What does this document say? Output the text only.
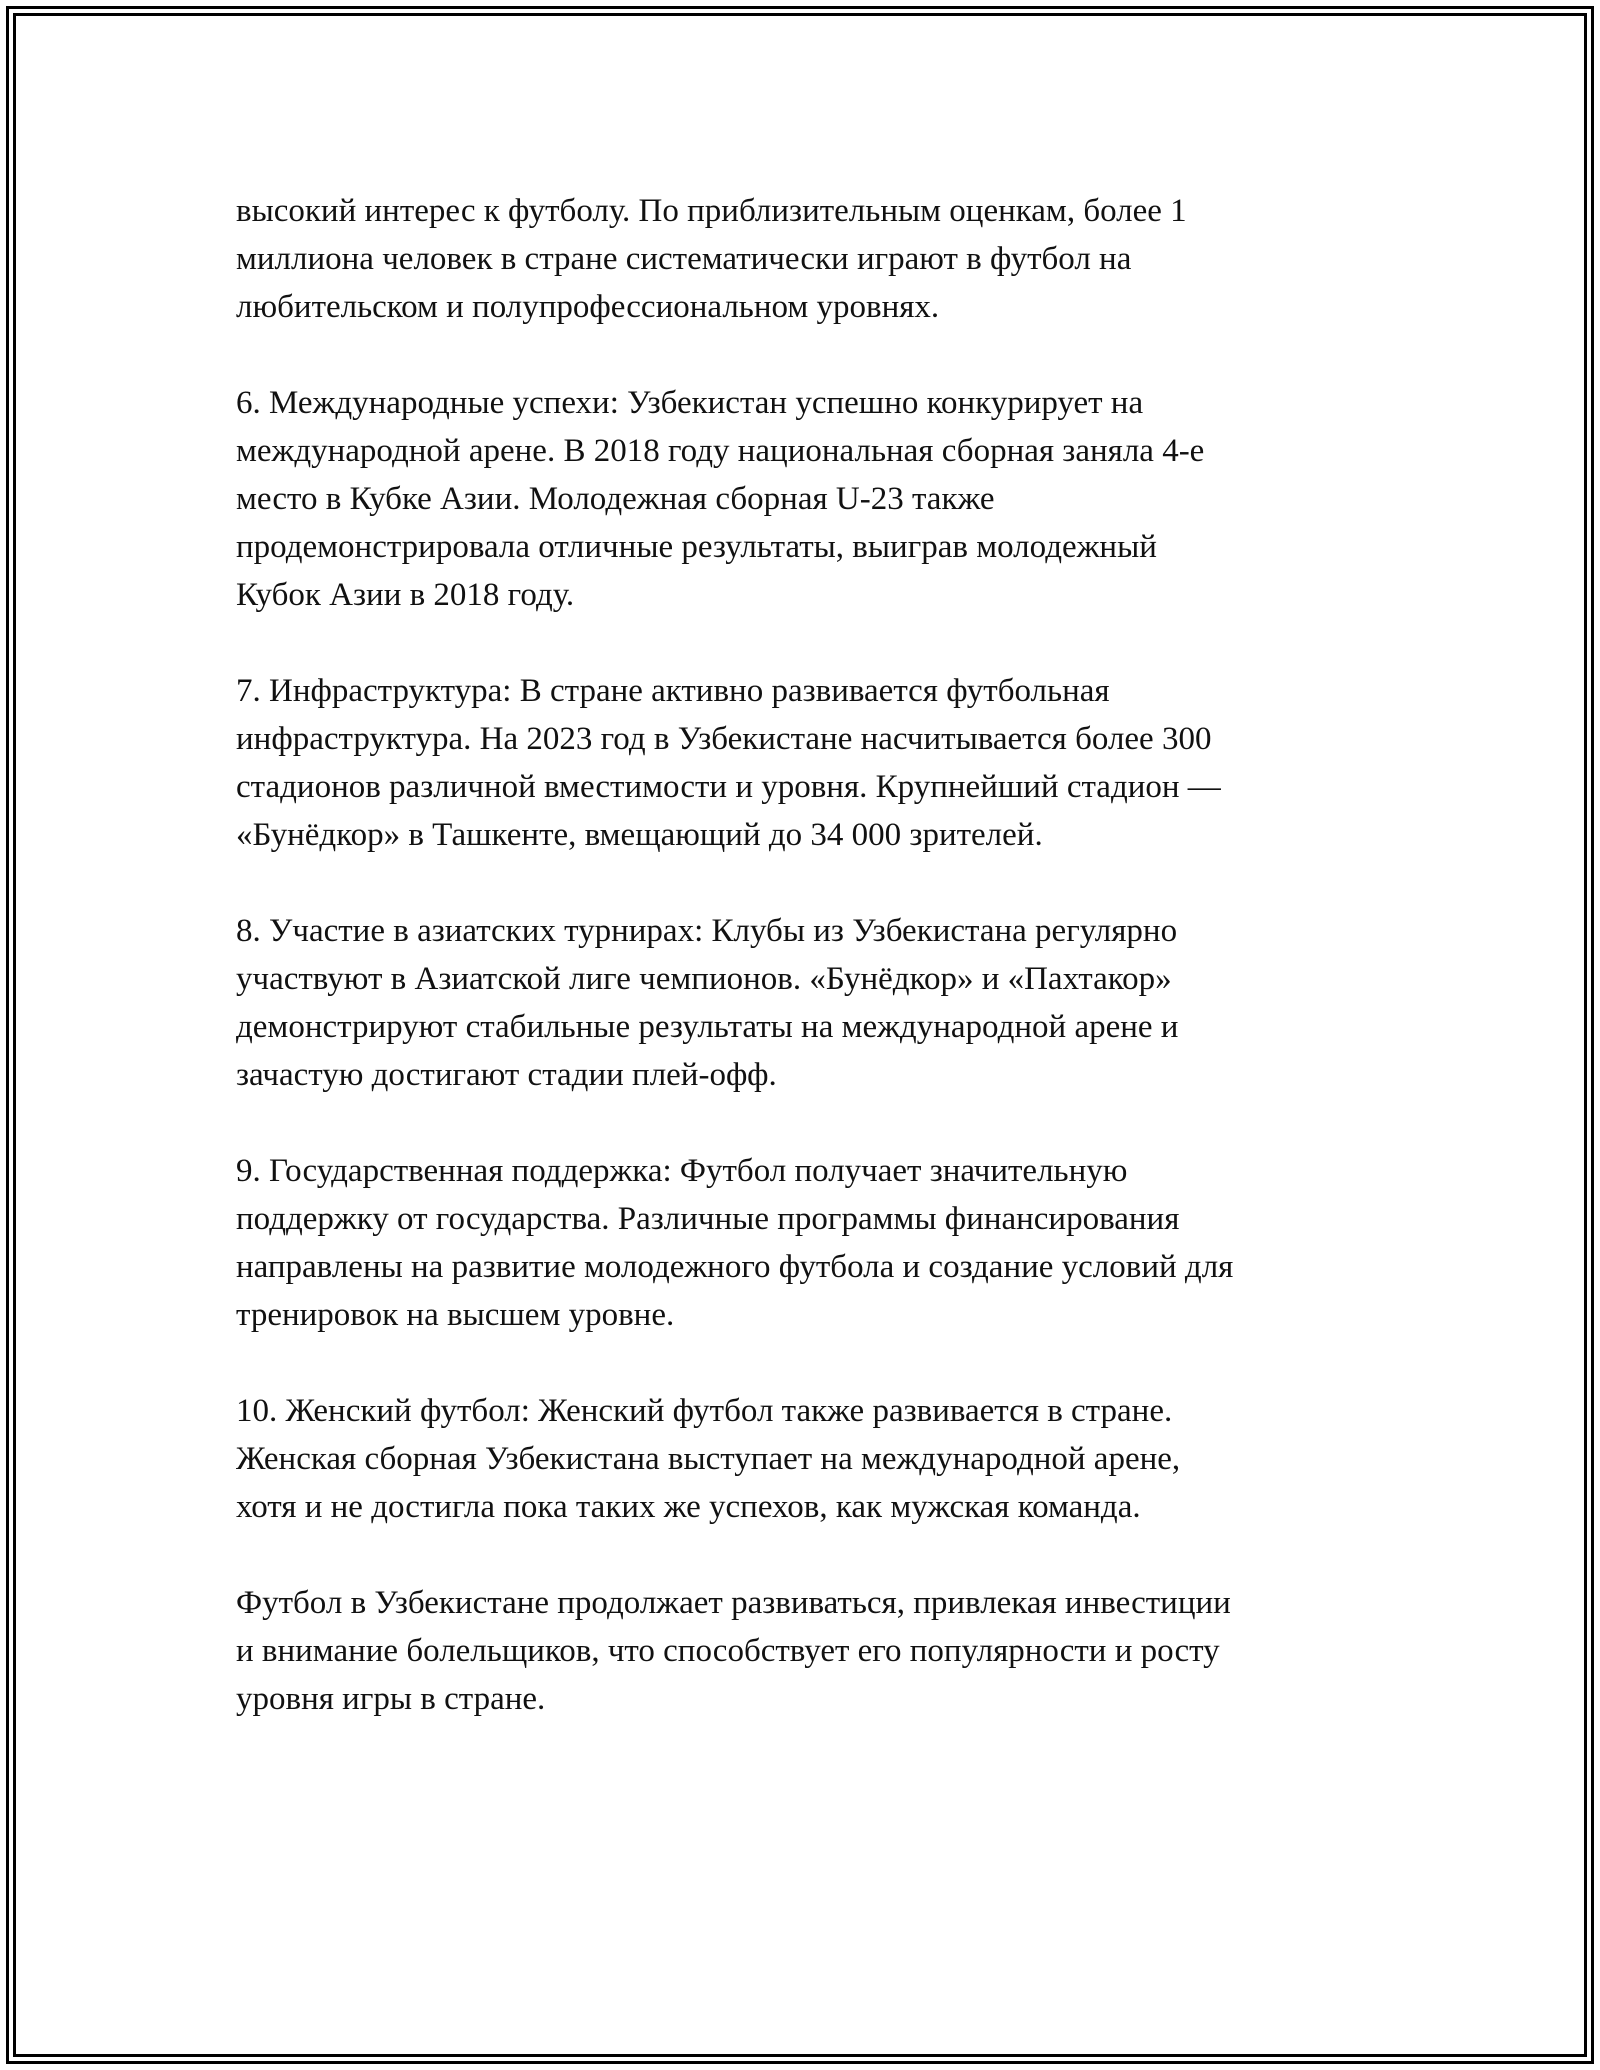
высокий интерес к футболу. По приблизительным оценкам, более 1
миллиона человек в стране систематически играют в футбол на
любительском и полупрофессиональном уровнях.
6. Международные успехи: Узбекистан успешно конкурирует на
международной арене. В 2018 году национальная сборная заняла 4-е
место в Кубке Азии. Молодежная сборная U-23 также
продемонстрировала отличные результаты, выиграв молодежный
Кубок Азии в 2018 году.
7. Инфраструктура: В стране активно развивается футбольная
инфраструктура. На 2023 год в Узбекистане насчитывается более 300
стадионов различной вместимости и уровня. Крупнейший стадион —
«Бунёдкор» в Ташкенте, вмещающий до 34 000 зрителей.
8. Участие в азиатских турнирах: Клубы из Узбекистана регулярно
участвуют в Азиатской лиге чемпионов. «Бунёдкор» и «Пахтакор»
демонстрируют стабильные результаты на международной арене и
зачастую достигают стадии плей-офф.
9. Государственная поддержка: Футбол получает значительную
поддержку от государства. Различные программы финансирования
направлены на развитие молодежного футбола и создание условий для
тренировок на высшем уровне.
10. Женский футбол: Женский футбол также развивается в стране.
Женская сборная Узбекистана выступает на международной арене,
хотя и не достигла пока таких же успехов, как мужская команда.
Футбол в Узбекистане продолжает развиваться, привлекая инвестиции
и внимание болельщиков, что способствует его популярности и росту
уровня игры в стране.
